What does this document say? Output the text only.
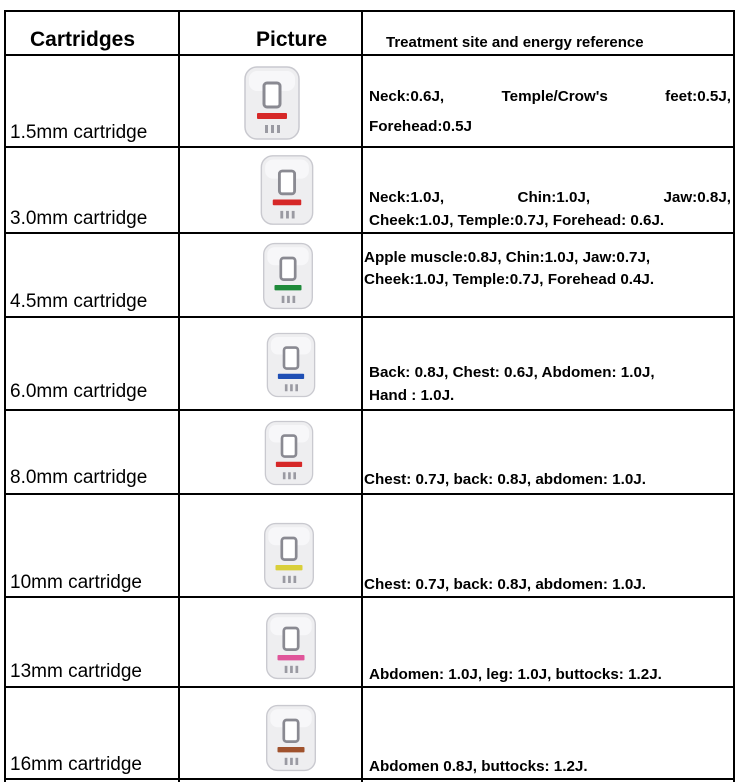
Cartridges	Picture	Treatment site and energy reference
1.5mm cartridge
3.0mm cartridge
4.5mm cartridge
6.0mm cartridge
8.0mm cartridge
10mm cartridge
13mm cartridge
16mm cartridge
Neck:0.6J, Temple/Crow's feet:0.5J,
Forehead:0.5J
Neck:1.0J, Chin:1.0J, Jaw:0.8J,
Cheek:1.0J, Temple:0.7J, Forehead: 0.6J.
Apple muscle:0.8J, Chin:1.0J, Jaw:0.7J,
Cheek:1.0J, Temple:0.7J, Forehead 0.4J.
Back: 0.8J, Chest: 0.6J, Abdomen: 1.0J,
Hand : 1.0J.
Chest: 0.7J, back: 0.8J, abdomen: 1.0J.
Chest: 0.7J, back: 0.8J, abdomen: 1.0J.
Abdomen: 1.0J, leg: 1.0J, buttocks: 1.2J.
Abdomen 0.8J, buttocks: 1.2J.
